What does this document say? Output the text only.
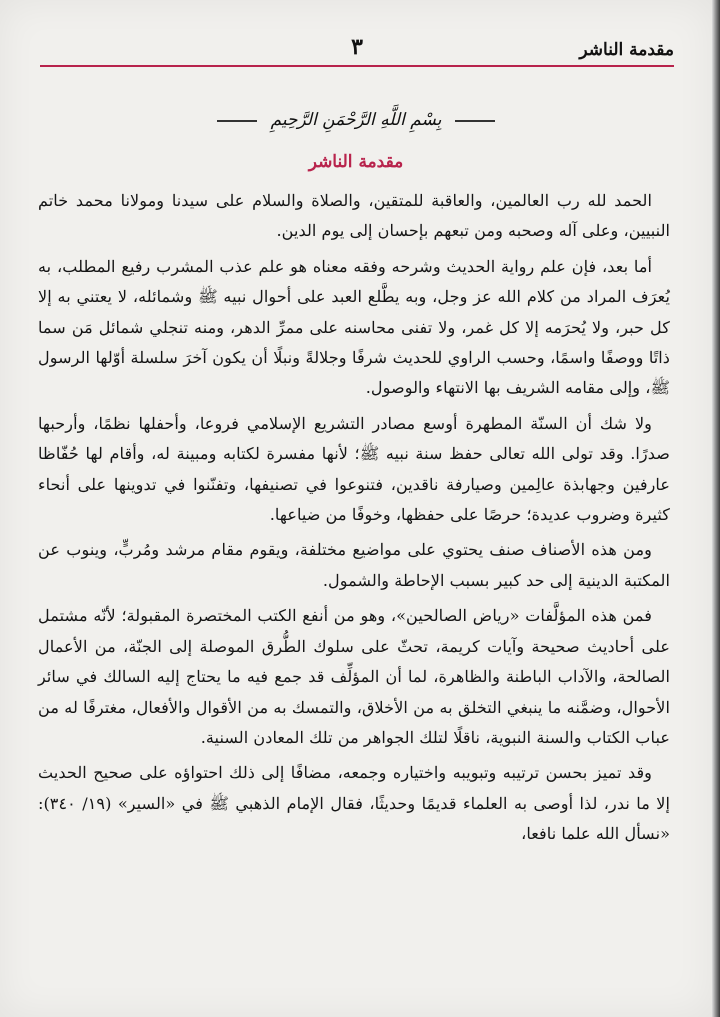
مقدمة الناشر
٣
بِسْمِ اللَّهِ الرَّحْمَنِ الرَّحِيمِ
مقدمة الناشر

الحمد لله رب العالمين، والعاقبة للمتقين، والصلاة والسلام على سيدنا ومولانا محمد خاتم النبيين، وعلى آله وصحبه ومن تبعهم بإحسان إلى يوم الدين.

أما بعد، فإن علم رواية الحديث وشرحه وفقه معناه هو علم عذب المشرب رفيع المطلب، به يُعرَف المراد من كلام الله عز وجل، وبه يطَّلع العبد على أحوال نبيه ﷺ وشمائله، لا يعتني به إلا كل حبر، ولا يُحرَمه إلا كل غمر، ولا تفنى محاسنه على ممرِّ الدهر، ومنه تنجلي شمائل مَن سما ذاتًا ووصفًا واسمًا، وحسب الراوي للحديث شرفًا وجلالةً ونبلًا أن يكون آخرَ سلسلة أوّلها الرسول ﷺ، وإلى مقامه الشريف بها الانتهاء والوصول.

ولا شك أن السنّة المطهرة أوسع مصادر التشريع الإسلامي فروعا، وأحفلها نظمًا، وأرحبها صدرًا. وقد تولى الله تعالى حفظ سنة نبيه ﷺ؛ لأنها مفسرة لكتابه ومبينة له، وأقام لها حُفّاظا عارفين وجهابذة عالِمين وصيارفة ناقدين، فتنوعوا في تصنيفها، وتفنّنوا في تدوينها على أنحاء كثيرة وضروب عديدة؛ حرصًا على حفظها، وخوفًا من ضياعها.

ومن هذه الأصناف صنف يحتوي على مواضيع مختلفة، ويقوم مقام مرشد ومُربٍّ، وينوب عن المكتبة الدينية إلى حد كبير بسبب الإحاطة والشمول.

فمن هذه المؤلَّفات «رياض الصالحين»، وهو من أنفع الكتب المختصرة المقبولة؛ لأنّه مشتمل على أحاديث صحيحة وآيات كريمة، تحثّ على سلوك الطُّرق الموصلة إلى الجنّة، من الأعمال الصالحة، والآداب الباطنة والظاهرة، لما أن المؤلِّف قد جمع فيه ما يحتاج إليه السالك في سائر الأحوال، وضمَّنه ما ينبغي التخلق به من الأخلاق، والتمسك به من الأقوال والأفعال، مغترفًا له من عباب الكتاب والسنة النبوية، ناقلًا لتلك الجواهر من تلك المعادن السنية.

وقد تميز بحسن ترتيبه وتبويبه واختياره وجمعه، مضافًا إلى ذلك احتواؤه على صحيح الحديث إلا ما ندر، لذا أوصى به العلماء قديمًا وحديثًا، فقال الإمام الذهبي ﷺ في «السير» (١٩/ ٣٤٠): «نسأل الله علما نافعا،
